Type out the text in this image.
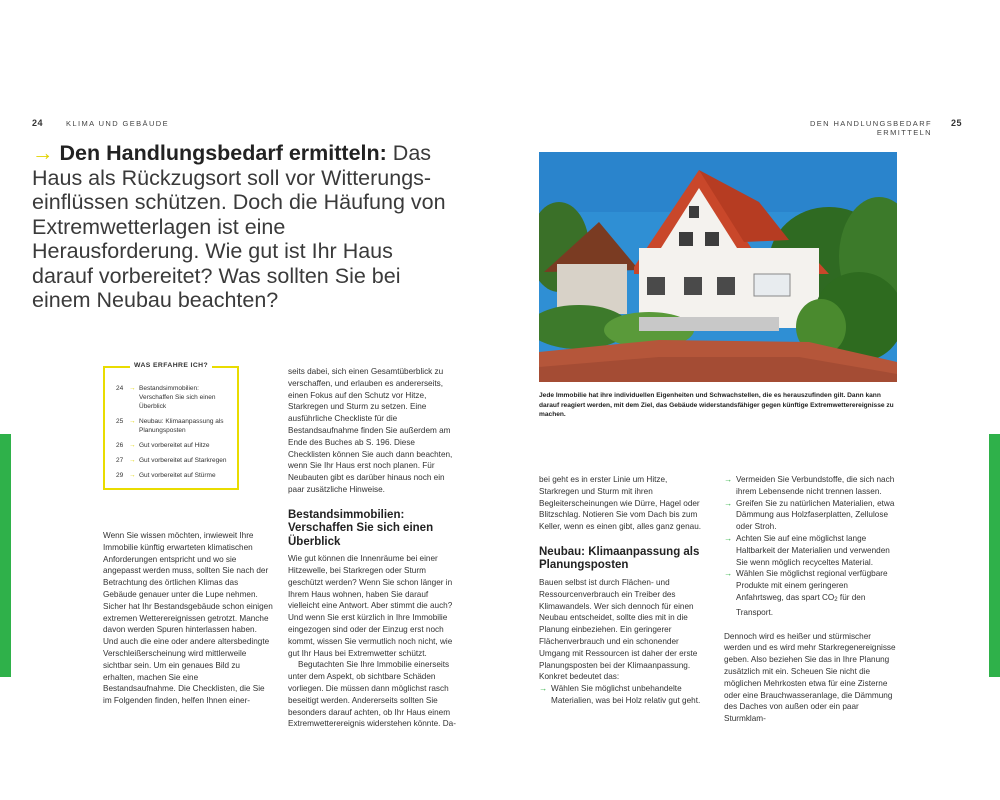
24	KLIMA UND GEBÄUDE	DEN HANDLUNGSBEDARF ERMITTELN
25
→ Den Handlungsbedarf ermitteln: Das Haus als Rückzugsort soll vor Witterungseinflüssen schützen. Doch die Häufung von Extremwetterlagen ist eine Herausforderung. Wie gut ist Ihr Haus darauf vorbereitet? Was sollten Sie bei einem Neubau beachten?
WAS ERFAHRE ICH?
24 → Bestandsimmobilien: Verschaffen Sie sich einen Überblick
25 → Neubau: Klimaanpassung als Planungsposten
26 → Gut vorbereitet auf Hitze
27 → Gut vorbereitet auf Starkregen
29 → Gut vorbereitet auf Stürme

Wenn Sie wissen möchten, inwieweit Ihre Immobilie künftig erwarteten klimatischen Anforderungen entspricht und wo sie angepasst werden muss, sollten Sie nach der Betrachtung des örtlichen Klimas das Gebäude genauer unter die Lupe nehmen. Sicher hat Ihr Bestandsgebäude schon einigen extremen Wetterereignissen getrotzt. Manche davon werden Spuren hinterlassen haben. Und auch die eine oder andere altersbedingte Verschleißerscheinung wird mittlerweile sichtbar sein. Um ein genaues Bild zu erhalten, machen Sie eine Bestandsaufnahme. Die Checklisten, die Sie im Folgenden finden, helfen Ihnen einer-

seits dabei, sich einen Gesamtüberblick zu verschaffen, und erlauben es andererseits, einen Fokus auf den Schutz vor Hitze, Starkregen und Sturm zu setzen. Eine ausführliche Checkliste für die Bestandsaufnahme finden Sie außerdem am Ende des Buches ab S. 196. Diese Checklisten können Sie auch dann beachten, wenn Sie Ihr Haus erst noch planen. Für Neubauten gibt es darüber hinaus noch ein paar zusätzliche Hinweise.

Bestandsimmobilien: Verschaffen Sie sich einen Überblick

Wie gut können die Innenräume bei einer Hitzewelle, bei Starkregen oder Sturm geschützt werden? Wenn Sie schon länger in Ihrem Haus wohnen, haben Sie darauf vielleicht eine Antwort. Aber stimmt die auch? Und wenn Sie erst kürzlich in Ihre Immobilie eingezogen sind oder der Einzug erst noch kommt, wissen Sie vermutlich noch nicht, wie gut Ihr Haus bei Extremwetter schützt.

Begutachten Sie Ihre Immobilie einerseits unter dem Aspekt, ob sichtbare Schäden vorliegen. Die müssen dann möglichst rasch beseitigt werden. Andererseits sollten Sie besonders darauf achten, ob Ihr Haus einem Extremwetterereignis widerstehen könnte. Da-

Jede Immobilie hat ihre individuellen Eigenheiten und Schwachstellen, die es herauszufinden gilt. Dann kann darauf reagiert werden, mit dem Ziel, das Gebäude widerstandsfähiger gegen künftige Extremwetterereignisse zu machen.

bei geht es in erster Linie um Hitze, Starkregen und Sturm mit ihren Begleiterscheinungen wie Dürre, Hagel oder Blitzschlag. Notieren Sie vom Dach bis zum Keller, wenn es einen gibt, alles ganz genau.

Neubau: Klimaanpassung als Planungsposten

Bauen selbst ist durch Flächen- und Ressourcenverbrauch ein Treiber des Klimawandels. Wer sich dennoch für einen Neubau entscheidet, sollte dies mit in die Planung einbeziehen. Ein geringerer Flächenverbrauch und ein schonender Umgang mit Ressourcen ist daher der erste Planungsposten bei der Klimaanpassung. Konkret bedeutet das:

→ Wählen Sie möglichst unbehandelte Materialien, was bei Holz relativ gut geht.
→ Vermeiden Sie Verbundstoffe, die sich nach ihrem Lebensende nicht trennen lassen.
→ Greifen Sie zu natürlichen Materialien, etwa Dämmung aus Holzfaserplatten, Zellulose oder Stroh.
→ Achten Sie auf eine möglichst lange Haltbarkeit der Materialien und verwenden Sie wenn möglich recyceltes Material.
→ Wählen Sie möglichst regional verfügbare Produkte mit einem geringeren Anfahrtsweg, das spart CO2 für den Transport.

Dennoch wird es heißer und stürmischer werden und es wird mehr Starkregenereignisse geben. Also beziehen Sie das in Ihre Planung zusätzlich mit ein. Scheuen Sie nicht die möglichen Mehrkosten etwa für eine Zisterne oder eine Brauchwasseranlage, die Dämmung des Daches von außen oder ein paar Sturmklam-
